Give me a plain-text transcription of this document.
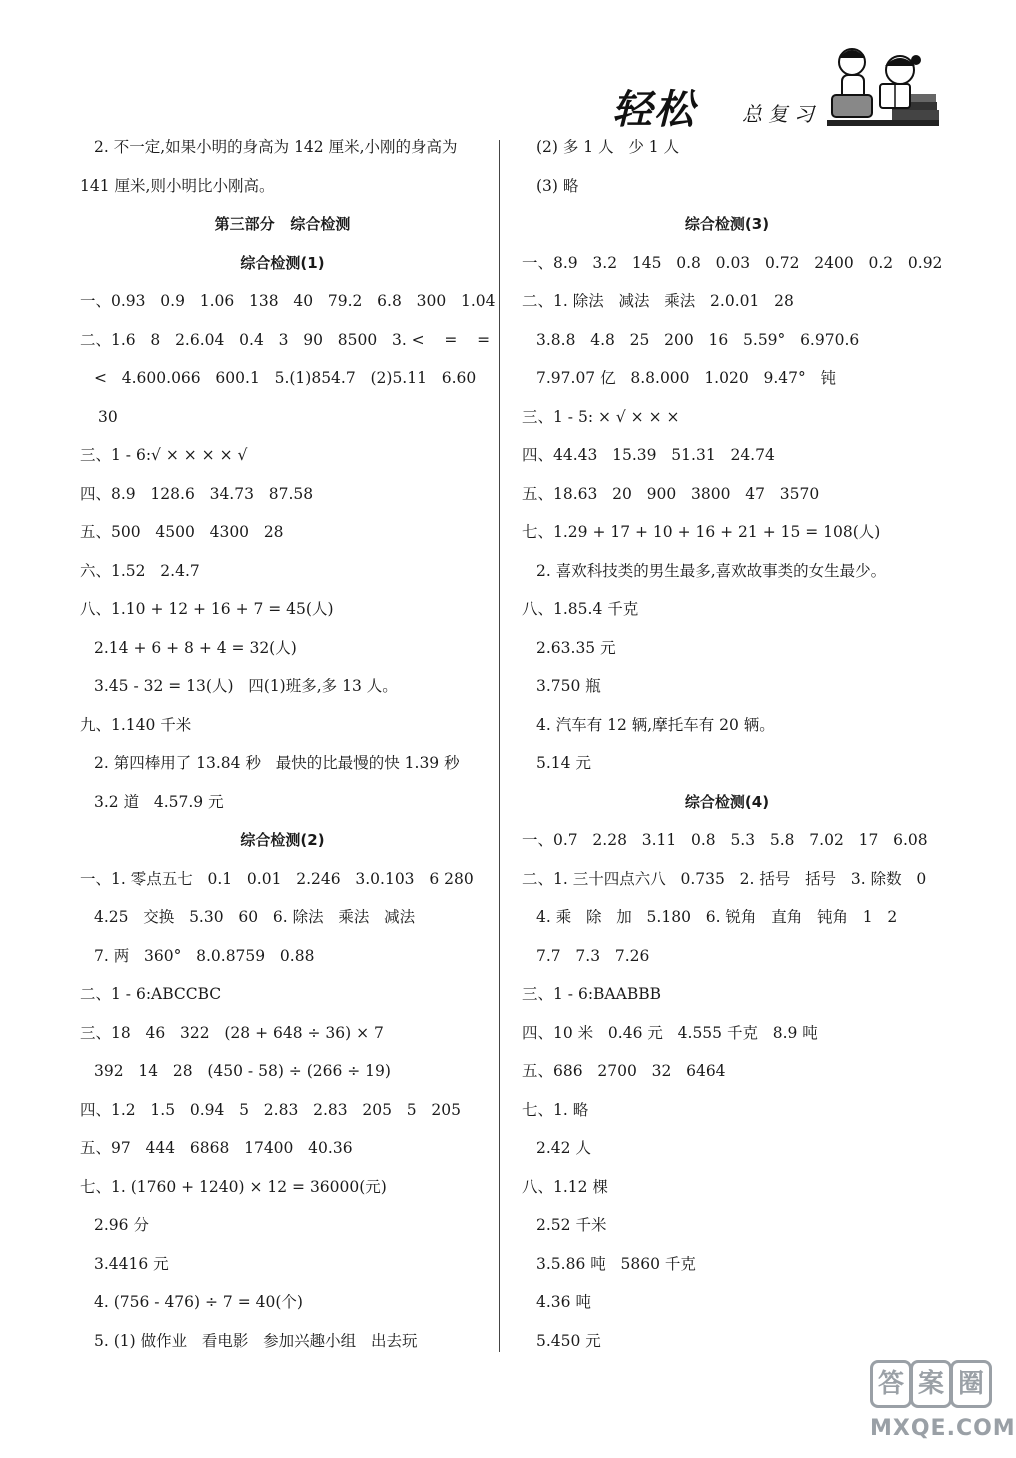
轻松 总复习
2. 不一定,如果小明的身高为 142 厘米,小刚的身高为
141 厘米,则小明比小刚高。
第三部分   综合检测
综合检测(1)
一、0.93   0.9   1.06   138   40   79.2   6.8   300   1.04
二、1.6   8   2.6.04   0.4   3   90   8500   3. <    =    =
<   4.600.066   600.1   5.(1)854.7   (2)5.11   6.60
30
三、1 - 6:√ × × × × √
四、8.9   128.6   34.73   87.58
五、500   4500   4300   28
六、1.52   2.4.7
八、1.10 + 12 + 16 + 7 = 45(人)
2.14 + 6 + 8 + 4 = 32(人)
3.45 - 32 = 13(人)   四(1)班多,多 13 人。
九、1.140 千米
2. 第四棒用了 13.84 秒   最快的比最慢的快 1.39 秒
3.2 道   4.57.9 元
综合检测(2)
一、1. 零点五七   0.1   0.01   2.246   3.0.103   6 280
4.25   交换   5.30   60   6. 除法   乘法   减法
7. 两   360°   8.0.8759   0.88
二、1 - 6:ABCCBC
三、18   46   322   (28 + 648 ÷ 36) × 7
392   14   28   (450 - 58) ÷ (266 ÷ 19)
四、1.2   1.5   0.94   5   2.83   2.83   205   5   205
五、97   444   6868   17400   40.36
七、1. (1760 + 1240) × 12 = 36000(元)
2.96 分
3.4416 元
4. (756 - 476) ÷ 7 = 40(个)
5. (1) 做作业   看电影   参加兴趣小组   出去玩
(2) 多 1 人   少 1 人
(3) 略
综合检测(3)
一、8.9   3.2   145   0.8   0.03   0.72   2400   0.2   0.92
二、1. 除法   减法   乘法   2.0.01   28
3.8.8   4.8   25   200   16   5.59°   6.970.6
7.97.07 亿   8.8.000   1.020   9.47°   钝
三、1 - 5: × √ × × ×
四、44.43   15.39   51.31   24.74
五、18.63   20   900   3800   47   3570
七、1.29 + 17 + 10 + 16 + 21 + 15 = 108(人)
2. 喜欢科技类的男生最多,喜欢故事类的女生最少。
八、1.85.4 千克
2.63.35 元
3.750 瓶
4. 汽车有 12 辆,摩托车有 20 辆。
5.14 元
综合检测(4)
一、0.7   2.28   3.11   0.8   5.3   5.8   7.02   17   6.08
二、1. 三十四点六八   0.735   2. 括号   括号   3. 除数   0
4. 乘   除   加   5.180   6. 锐角   直角   钝角   1   2
7.7   7.3   7.26
三、1 - 6:BAABBB
四、10 米   0.46 元   4.555 千克   8.9 吨
五、686   2700   32   6464
七、1. 略
2.42 人
八、1.12 棵
2.52 千米
3.5.86 吨   5860 千克
4.36 吨
5.450 元
答 案 圈
MXQE.COM
